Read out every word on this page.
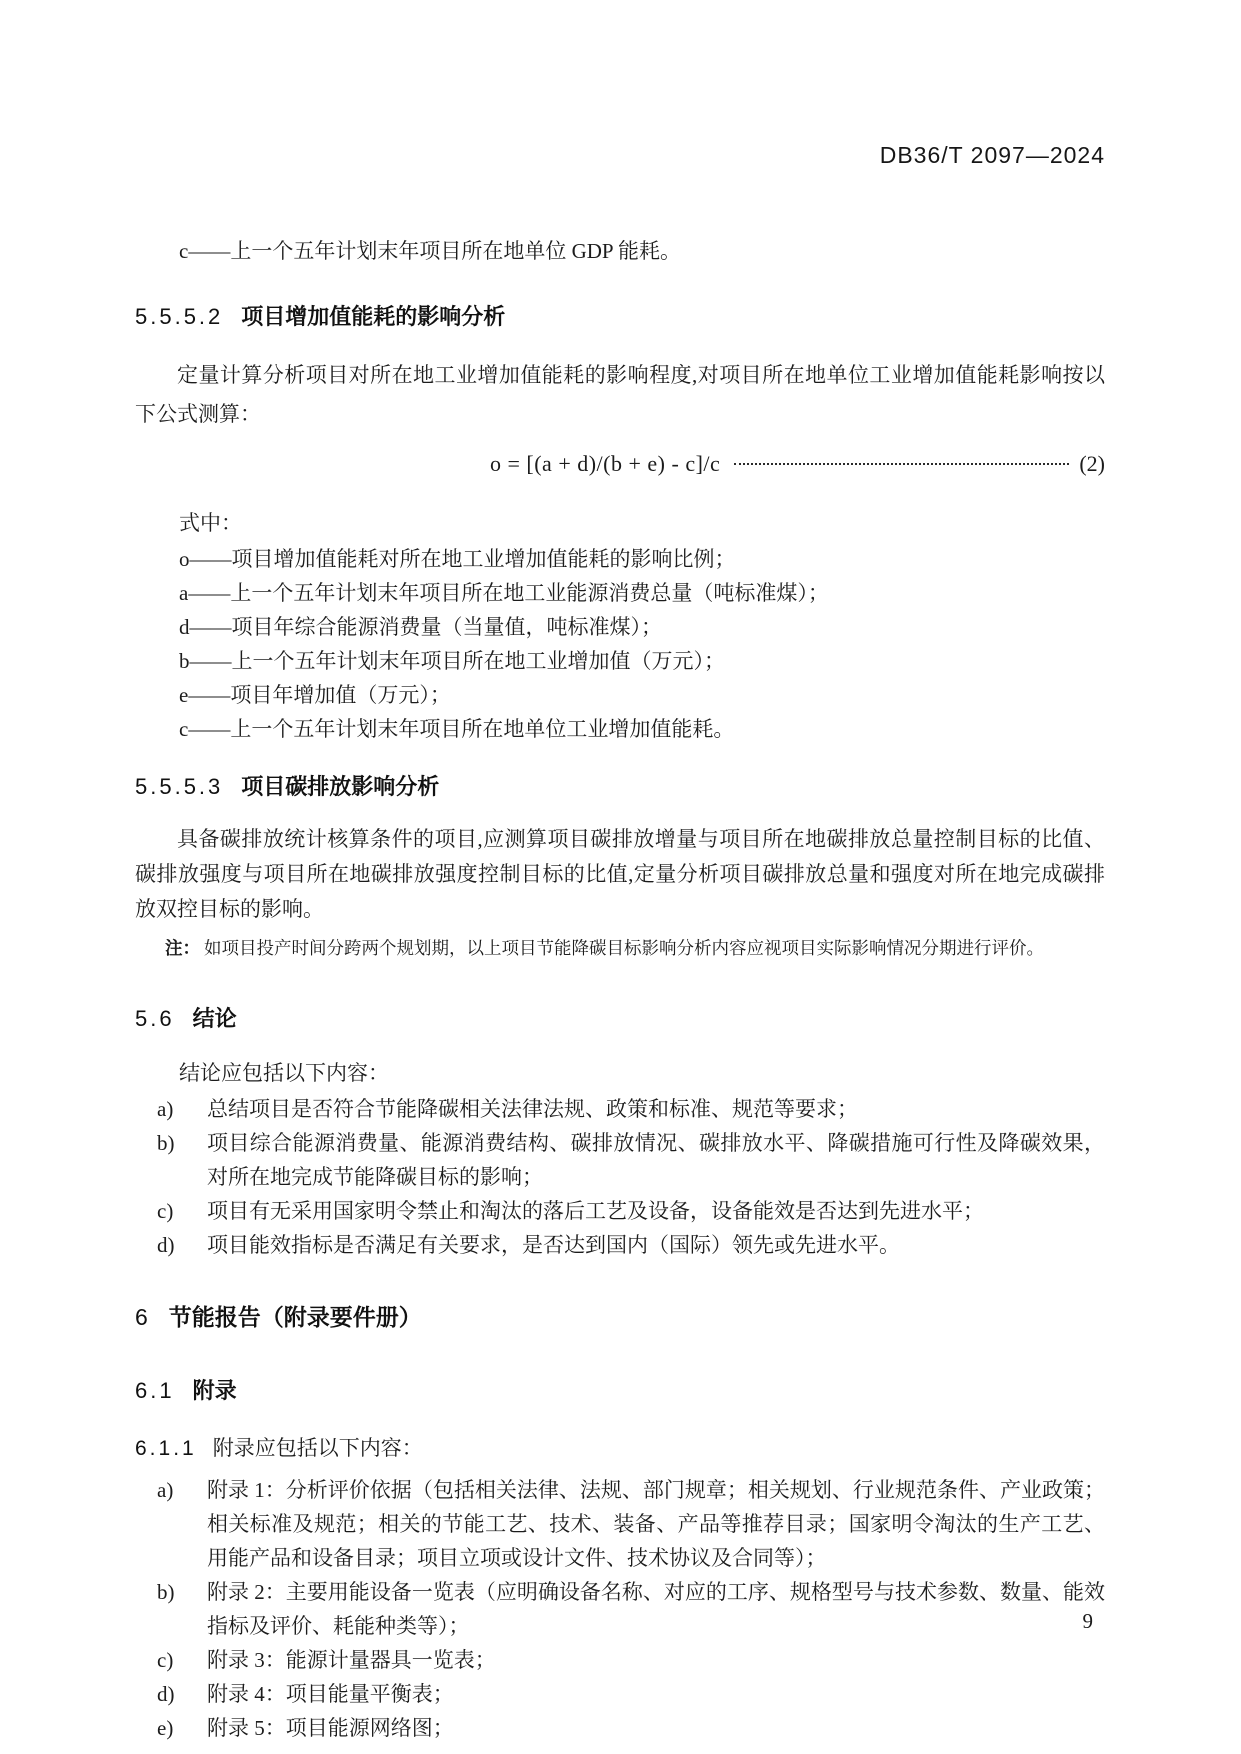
DB36/T 2097—2024
c——上一个五年计划末年项目所在地单位 GDP 能耗。
5.5.5.2 项目增加值能耗的影响分析

定量计算分析项目对所在地工业增加值能耗的影响程度,对项目所在地单位工业增加值能耗影响按以下公式测算：

o = [(a + d)/(b + e) - c]/c	(2)

式中：

o——项目增加值能耗对所在地工业增加值能耗的影响比例；
a——上一个五年计划末年项目所在地工业能源消费总量（吨标准煤）；
d——项目年综合能源消费量（当量值，吨标准煤）；
b——上一个五年计划末年项目所在地工业增加值（万元）；
e——项目年增加值（万元）；
c——上一个五年计划末年项目所在地单位工业增加值能耗。
5.5.5.3 项目碳排放影响分析

具备碳排放统计核算条件的项目,应测算项目碳排放增量与项目所在地碳排放总量控制目标的比值、碳排放强度与项目所在地碳排放强度控制目标的比值,定量分析项目碳排放总量和强度对所在地完成碳排放双控目标的影响。

注： 如项目投产时间分跨两个规划期，以上项目节能降碳目标影响分析内容应视项目实际影响情况分期进行评价。
5.6 结论

结论应包括以下内容：

a)	总结项目是否符合节能降碳相关法律法规、政策和标准、规范等要求；
b)	项目综合能源消费量、能源消费结构、碳排放情况、碳排放水平、降碳措施可行性及降碳效果，对所在地完成节能降碳目标的影响；
c)	项目有无采用国家明令禁止和淘汰的落后工艺及设备，设备能效是否达到先进水平；
d)	项目能效指标是否满足有关要求，是否达到国内（国际）领先或先进水平。
6 节能报告（附录要件册）
6.1 附录

6.1.1 附录应包括以下内容：

a)	附录 1：分析评价依据（包括相关法律、法规、部门规章；相关规划、行业规范条件、产业政策；相关标准及规范；相关的节能工艺、技术、装备、产品等推荐目录；国家明令淘汰的生产工艺、用能产品和设备目录；项目立项或设计文件、技术协议及合同等）；
b)	附录 2：主要用能设备一览表（应明确设备名称、对应的工序、规格型号与技术参数、数量、能效指标及评价、耗能种类等）；
c)	附录 3：能源计量器具一览表；
d)	附录 4：项目能量平衡表；
e)	附录 5：项目能源网络图；
9
